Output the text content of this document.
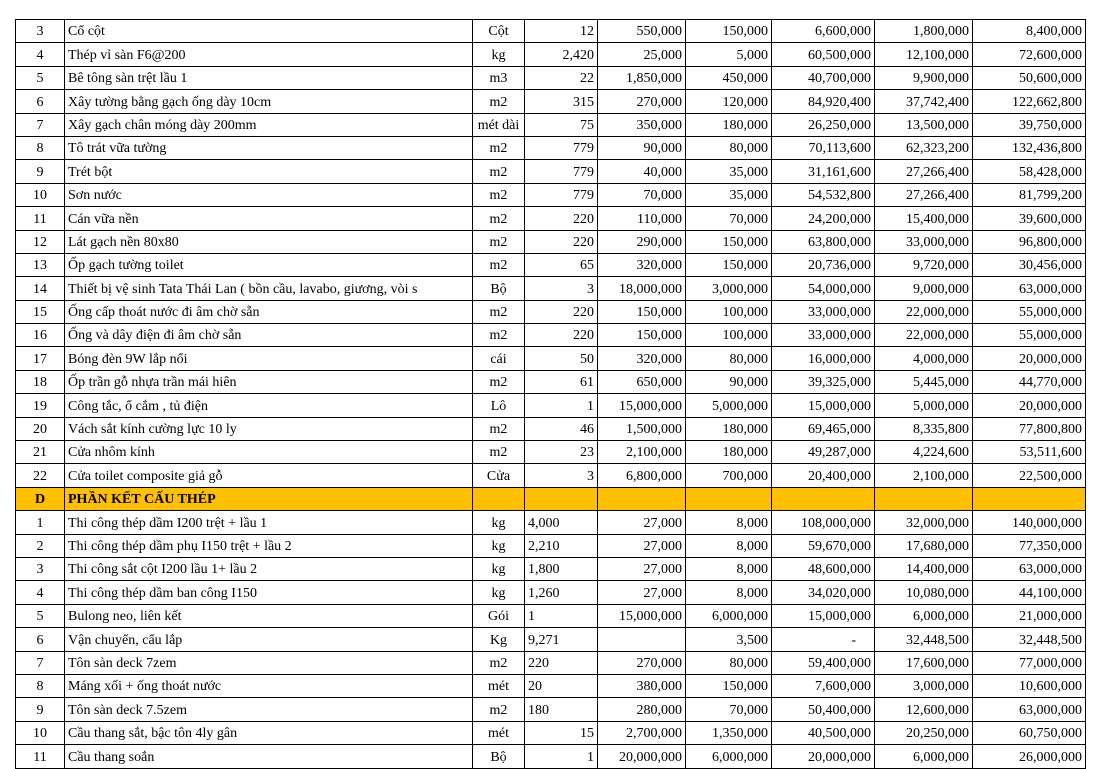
3	Cổ cột	Cột	12	550,000	150,000	6,600,000	1,800,000	8,400,000
4	Thép vỉ sàn F6@200	kg	2,420	25,000	5,000	60,500,000	12,100,000	72,600,000
5	Bê tông sàn trệt lầu 1	m3	22	1,850,000	450,000	40,700,000	9,900,000	50,600,000
6	Xây tường bằng gạch ống dày 10cm	m2	315	270,000	120,000	84,920,400	37,742,400	122,662,800
7	Xây gạch chân móng dày 200mm	mét dài	75	350,000	180,000	26,250,000	13,500,000	39,750,000
8	Tô trát vữa tường	m2	779	90,000	80,000	70,113,600	62,323,200	132,436,800
9	Trét bột	m2	779	40,000	35,000	31,161,600	27,266,400	58,428,000
10	Sơn nước	m2	779	70,000	35,000	54,532,800	27,266,400	81,799,200
11	Cán vữa nền	m2	220	110,000	70,000	24,200,000	15,400,000	39,600,000
12	Lát gạch nền 80x80	m2	220	290,000	150,000	63,800,000	33,000,000	96,800,000
13	Ốp gạch tường toilet	m2	65	320,000	150,000	20,736,000	9,720,000	30,456,000
14	Thiết bị vệ sinh Tata Thái Lan ( bồn cầu, lavabo, giương, vòi s	Bộ	3	18,000,000	3,000,000	54,000,000	9,000,000	63,000,000
15	Ống cấp thoát nước đi âm chờ sẵn	m2	220	150,000	100,000	33,000,000	22,000,000	55,000,000
16	Ống và dây điện đi âm chờ sẵn	m2	220	150,000	100,000	33,000,000	22,000,000	55,000,000
17	Bóng đèn 9W lắp nổi	cái	50	320,000	80,000	16,000,000	4,000,000	20,000,000
18	Ốp trần gỗ nhựa trần mái hiên	m2	61	650,000	90,000	39,325,000	5,445,000	44,770,000
19	Công tắc, ổ cắm , tủ điện	Lô	1	15,000,000	5,000,000	15,000,000	5,000,000	20,000,000
20	Vách sắt kính cường lực 10 ly	m2	46	1,500,000	180,000	69,465,000	8,335,800	77,800,800
21	Cửa nhôm kính	m2	23	2,100,000	180,000	49,287,000	4,224,600	53,511,600
22	Cửa toilet composite giả gỗ	Cửa	3	6,800,000	700,000	20,400,000	2,100,000	22,500,000
D	PHẦN KẾT CẤU THÉP							
1	Thi công thép dầm I200 trệt + lầu 1	kg	4,000	27,000	8,000	108,000,000	32,000,000	140,000,000
2	Thi công thép dầm phụ I150 trệt + lầu 2	kg	2,210	27,000	8,000	59,670,000	17,680,000	77,350,000
3	Thi công sắt cột I200 lầu 1+ lầu 2	kg	1,800	27,000	8,000	48,600,000	14,400,000	63,000,000
4	Thi công thép dầm ban công I150	kg	1,260	27,000	8,000	34,020,000	10,080,000	44,100,000
5	Bulong neo, liên kết	Gói	1	15,000,000	6,000,000	15,000,000	6,000,000	21,000,000
6	Vận chuyển, cẩu lắp	Kg	9,271		3,500	-	32,448,500	32,448,500
7	Tôn sàn deck 7zem	m2	220	270,000	80,000	59,400,000	17,600,000	77,000,000
8	Máng xối + ống thoát nước	mét	20	380,000	150,000	7,600,000	3,000,000	10,600,000
9	Tôn sàn deck 7.5zem	m2	180	280,000	70,000	50,400,000	12,600,000	63,000,000
10	Cầu thang sắt, bậc tôn 4ly gân	mét	15	2,700,000	1,350,000	40,500,000	20,250,000	60,750,000
11	Cầu thang soắn	Bộ	1	20,000,000	6,000,000	20,000,000	6,000,000	26,000,000
